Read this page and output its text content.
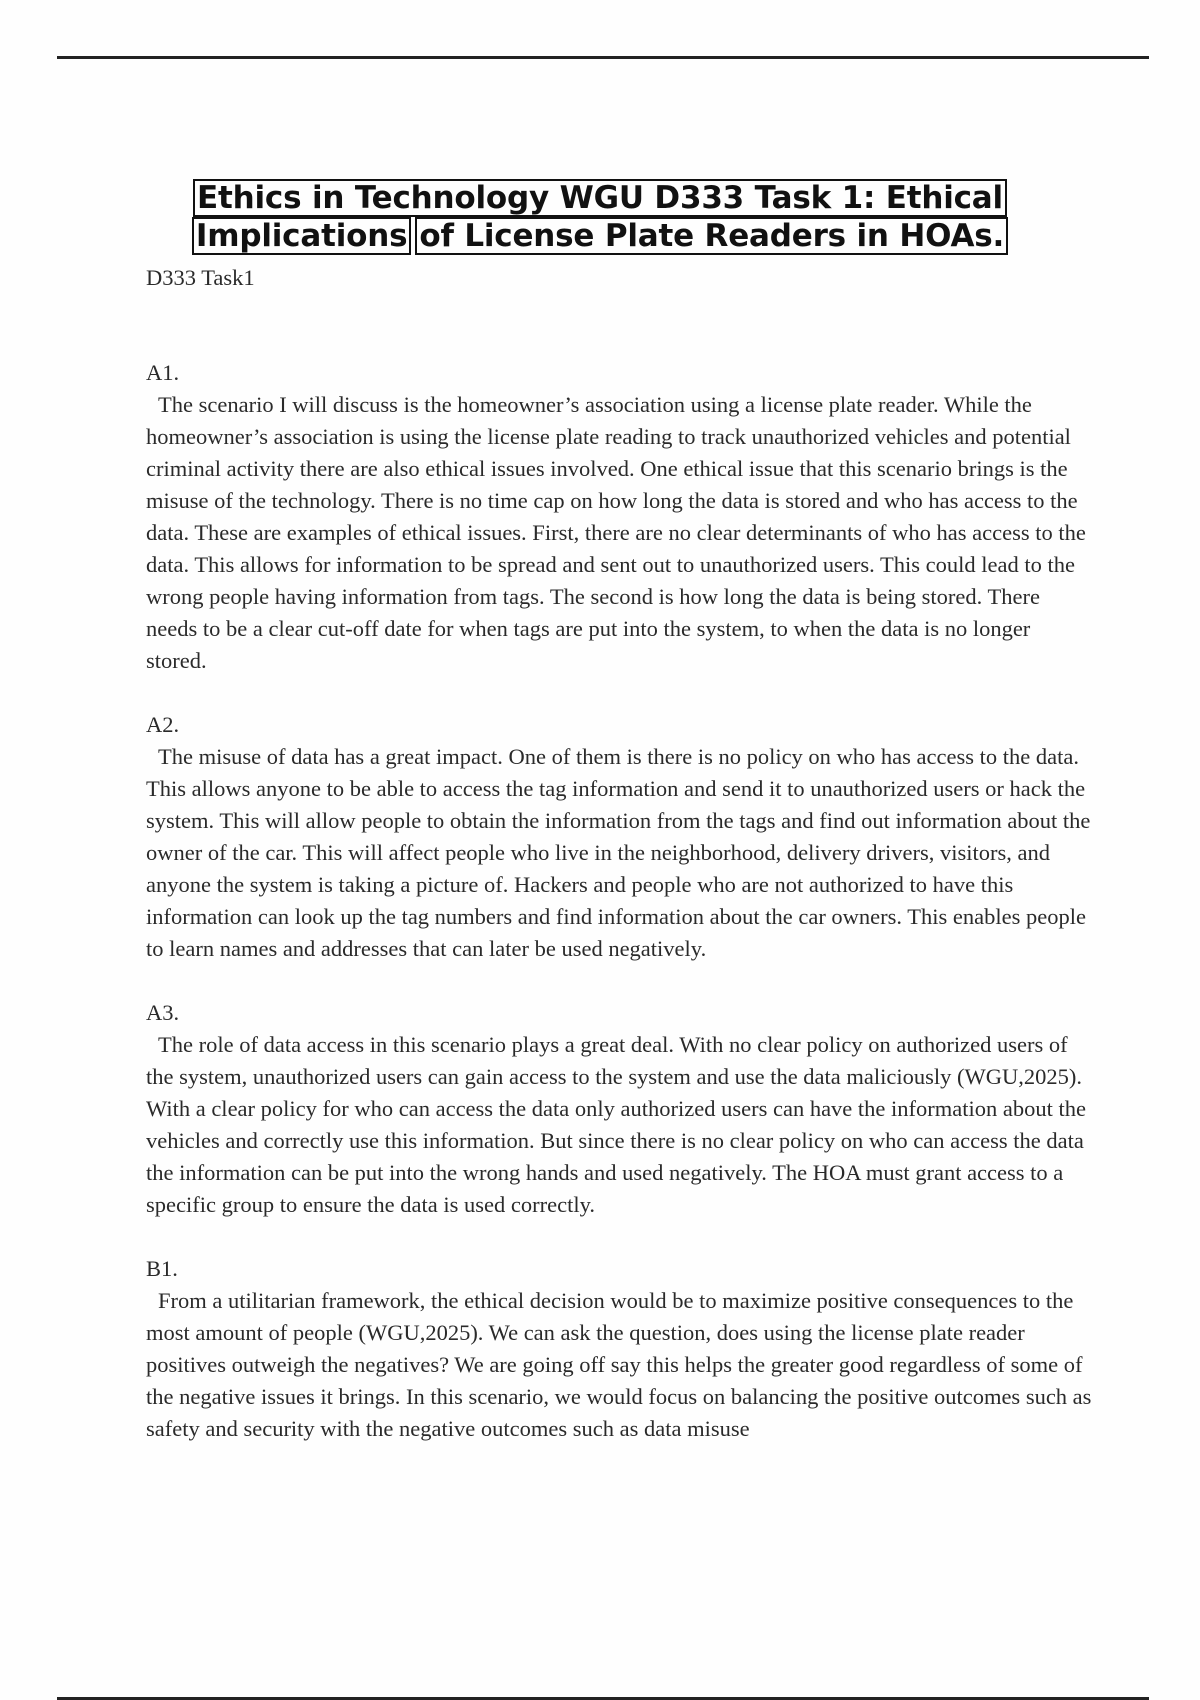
Ethics in Technology WGU D333 Task 1: Ethical
Implications of License Plate Readers in HOAs.

D333 Task1

A1.

The scenario I will discuss is the homeowner’s association using a license plate reader. While the homeowner’s association is using the license plate reading to track unauthorized vehicles and potential criminal activity there are also ethical issues involved. One ethical issue that this scenario brings is the misuse of the technology. There is no time cap on how long the data is stored and who has access to the data. These are examples of ethical issues. First, there are no clear determinants of who has access to the data. This allows for information to be spread and sent out to unauthorized users. This could lead to the wrong people having information from tags. The second is how long the data is being stored. There needs to be a clear cut-off date for when tags are put into the system, to when the data is no longer stored.

A2.

The misuse of data has a great impact. One of them is there is no policy on who has access to the data. This allows anyone to be able to access the tag information and send it to unauthorized users or hack the system. This will allow people to obtain the information from the tags and find out information about the owner of the car. This will affect people who live in the neighborhood, delivery drivers, visitors, and anyone the system is taking a picture of. Hackers and people who are not authorized to have this information can look up the tag numbers and find information about the car owners. This enables people to learn names and addresses that can later be used negatively.

A3.

The role of data access in this scenario plays a great deal. With no clear policy on authorized users of the system, unauthorized users can gain access to the system and use the data maliciously (WGU,2025). With a clear policy for who can access the data only authorized users can have the information about the vehicles and correctly use this information. But since there is no clear policy on who can access the data the information can be put into the wrong hands and used negatively. The HOA must grant access to a specific group to ensure the data is used correctly.

B1.

From a utilitarian framework, the ethical decision would be to maximize positive consequences to the most amount of people (WGU,2025). We can ask the question, does using the license plate reader positives outweigh the negatives? We are going off say this helps the greater good regardless of some of the negative issues it brings. In this scenario, we would focus on balancing the positive outcomes such as safety and security with the negative outcomes such as data misuse
